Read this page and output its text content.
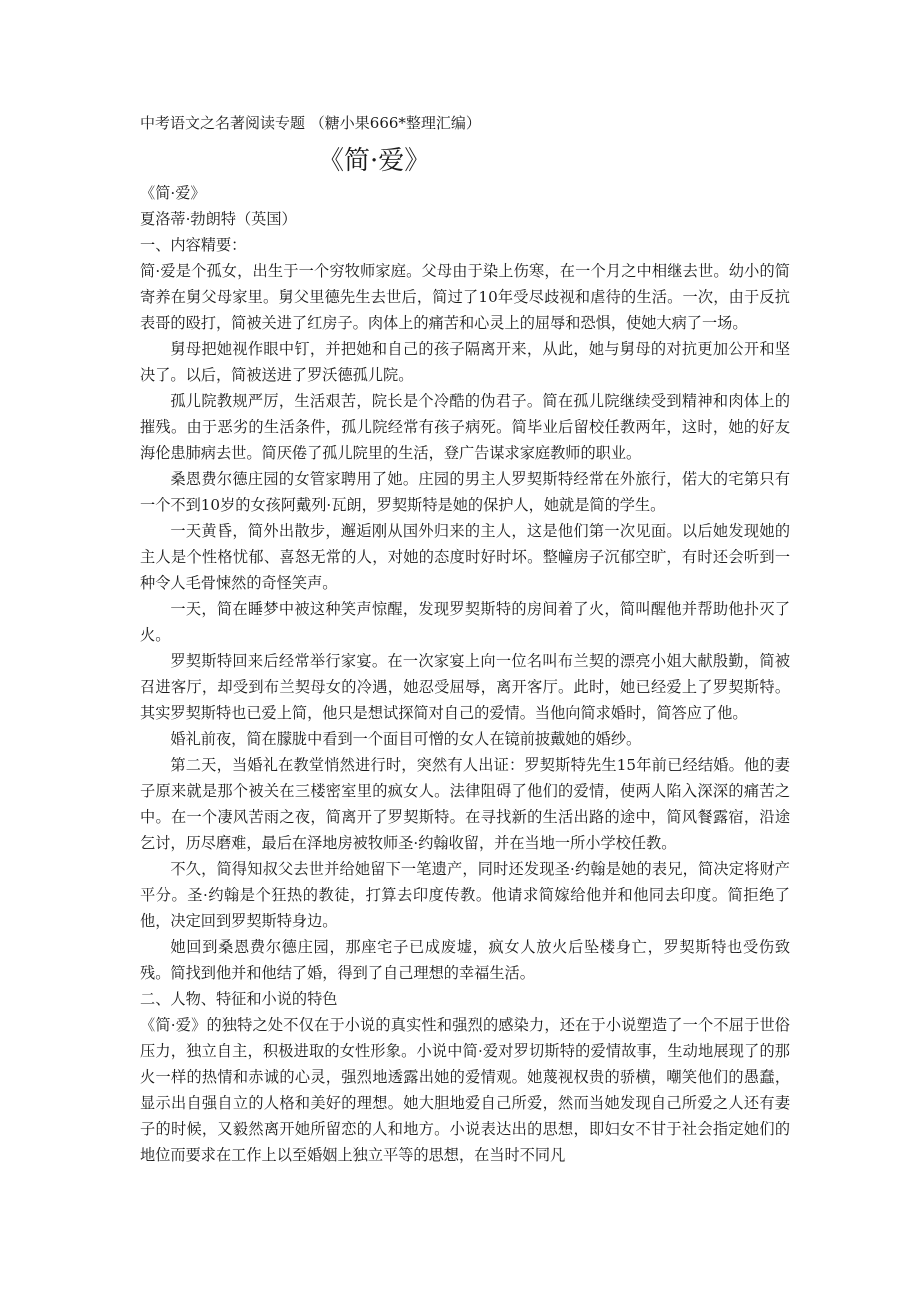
中考语文之名著阅读专题 （糖小果666*整理汇编）
《简·爱》

《简·爱》

夏洛蒂·勃朗特（英国）

一、内容精要：

简·爱是个孤女，出生于一个穷牧师家庭。父母由于染上伤寒，在一个月之中相继去世。幼小的简寄养在舅父母家里。舅父里德先生去世后，简过了10年受尽歧视和虐待的生活。一次，由于反抗表哥的殴打，简被关进了红房子。肉体上的痛苦和心灵上的屈辱和恐惧，使她大病了一场。

舅母把她视作眼中钉，并把她和自己的孩子隔离开来，从此，她与舅母的对抗更加公开和坚决了。以后，简被送进了罗沃德孤儿院。

孤儿院教规严厉，生活艰苦，院长是个冷酷的伪君子。简在孤儿院继续受到精神和肉体上的摧残。由于恶劣的生活条件，孤儿院经常有孩子病死。简毕业后留校任教两年，这时，她的好友海伦患肺病去世。简厌倦了孤儿院里的生活，登广告谋求家庭教师的职业。

桑恩费尔德庄园的女管家聘用了她。庄园的男主人罗契斯特经常在外旅行，偌大的宅第只有一个不到10岁的女孩阿戴列·瓦朗，罗契斯特是她的保护人，她就是简的学生。

一天黄昏，简外出散步，邂逅刚从国外归来的主人，这是他们第一次见面。以后她发现她的主人是个性格忧郁、喜怒无常的人，对她的态度时好时坏。整幢房子沉郁空旷，有时还会听到一种令人毛骨悚然的奇怪笑声。

一天，简在睡梦中被这种笑声惊醒，发现罗契斯特的房间着了火，简叫醒他并帮助他扑灭了火。

罗契斯特回来后经常举行家宴。在一次家宴上向一位名叫布兰契的漂亮小姐大献殷勤，简被召进客厅，却受到布兰契母女的冷遇，她忍受屈辱，离开客厅。此时，她已经爱上了罗契斯特。其实罗契斯特也已爱上简，他只是想试探简对自己的爱情。当他向简求婚时，简答应了他。

婚礼前夜，简在朦胧中看到一个面目可憎的女人在镜前披戴她的婚纱。

第二天，当婚礼在教堂悄然进行时，突然有人出证：罗契斯特先生15年前已经结婚。他的妻子原来就是那个被关在三楼密室里的疯女人。法律阻碍了他们的爱情，使两人陷入深深的痛苦之中。在一个凄风苦雨之夜，简离开了罗契斯特。在寻找新的生活出路的途中，简风餐露宿，沿途乞讨，历尽磨难，最后在泽地房被牧师圣·约翰收留，并在当地一所小学校任教。

不久，简得知叔父去世并给她留下一笔遗产，同时还发现圣·约翰是她的表兄，简决定将财产平分。圣·约翰是个狂热的教徒，打算去印度传教。他请求简嫁给他并和他同去印度。简拒绝了他，决定回到罗契斯特身边。

她回到桑恩费尔德庄园，那座宅子已成废墟，疯女人放火后坠楼身亡，罗契斯特也受伤致残。简找到他并和他结了婚，得到了自己理想的幸福生活。

二、人物、特征和小说的特色

《简·爱》的独特之处不仅在于小说的真实性和强烈的感染力，还在于小说塑造了一个不屈于世俗压力，独立自主，积极进取的女性形象。小说中简·爱对罗切斯特的爱情故事，生动地展现了的那火一样的热情和赤诚的心灵，强烈地透露出她的爱情观。她蔑视权贵的骄横，嘲笑他们的愚蠢，显示出自强自立的人格和美好的理想。她大胆地爱自己所爱，然而当她发现自己所爱之人还有妻子的时候，又毅然离开她所留恋的人和地方。小说表达出的思想，即妇女不甘于社会指定她们的地位而要求在工作上以至婚姻上独立平等的思想，在当时不同凡
